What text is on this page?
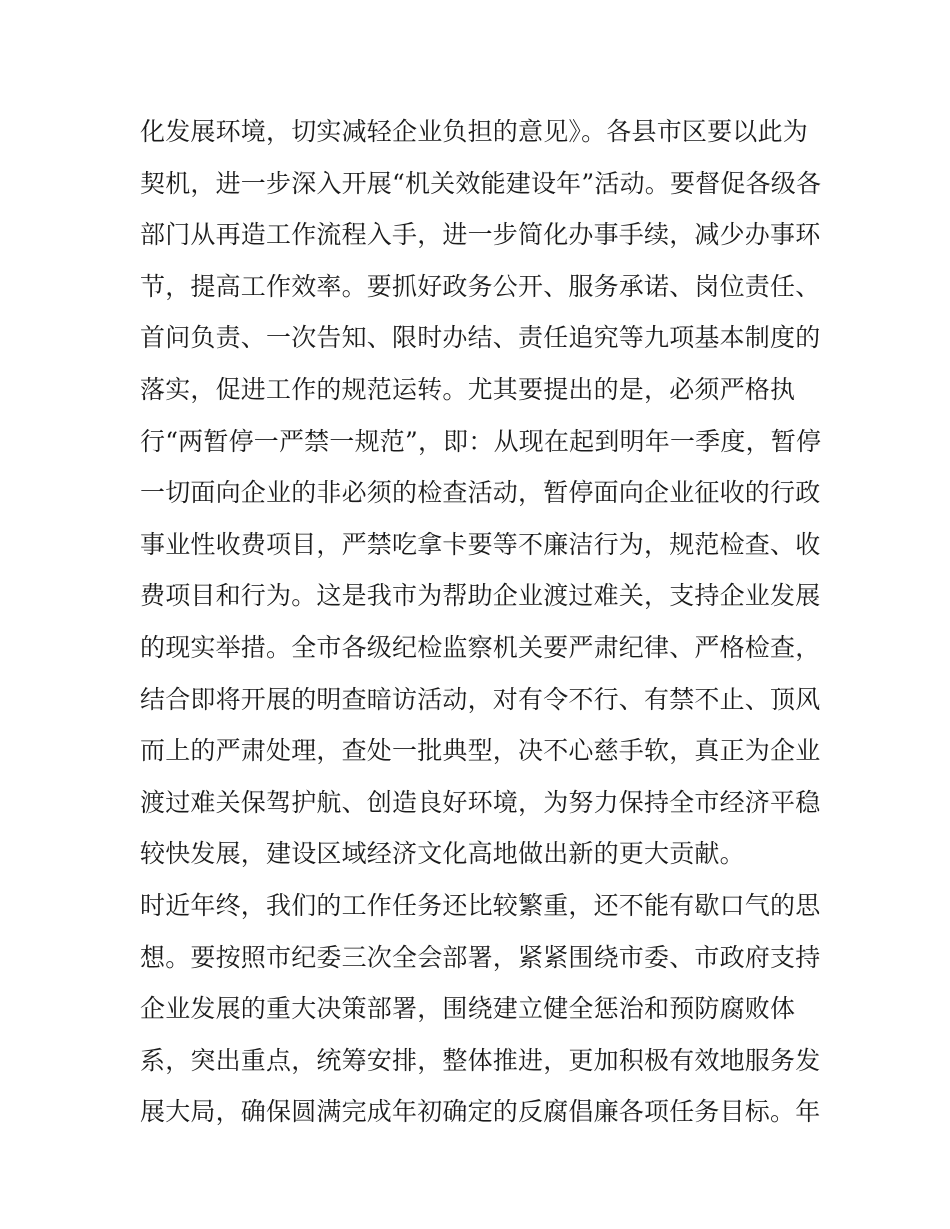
化发展环境，切实减轻企业负担的意见》。各县市区要以此为
契机，进一步深入开展“机关效能建设年”活动。要督促各级各
部门从再造工作流程入手，进一步简化办事手续，减少办事环
节，提高工作效率。要抓好政务公开、服务承诺、岗位责任、
首问负责、一次告知、限时办结、责任追究等九项基本制度的
落实，促进工作的规范运转。尤其要提出的是，必须严格执
行“两暂停一严禁一规范”，即：从现在起到明年一季度，暂停
一切面向企业的非必须的检查活动，暂停面向企业征收的行政
事业性收费项目，严禁吃拿卡要等不廉洁行为，规范检查、收
费项目和行为。这是我市为帮助企业渡过难关，支持企业发展
的现实举措。全市各级纪检监察机关要严肃纪律、严格检查，
结合即将开展的明查暗访活动，对有令不行、有禁不止、顶风
而上的严肃处理，查处一批典型，决不心慈手软，真正为企业
渡过难关保驾护航、创造良好环境，为努力保持全市经济平稳
较快发展，建设区域经济文化高地做出新的更大贡献。
时近年终，我们的工作任务还比较繁重，还不能有歇口气的思
想。要按照市纪委三次全会部署，紧紧围绕市委、市政府支持
企业发展的重大决策部署，围绕建立健全惩治和预防腐败体
系，突出重点，统筹安排，整体推进，更加积极有效地服务发
展大局，确保圆满完成年初确定的反腐倡廉各项任务目标。年
